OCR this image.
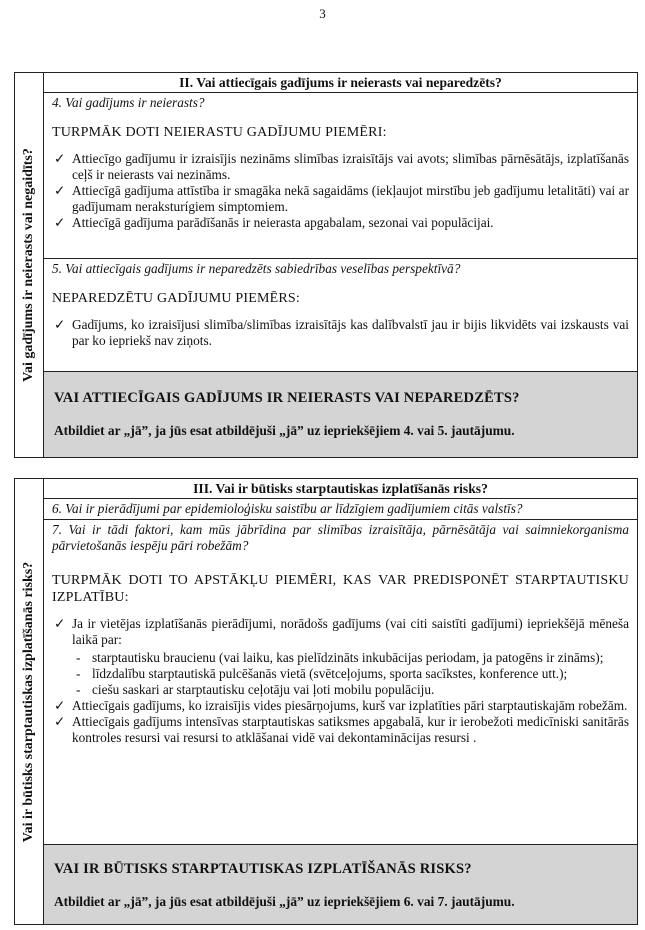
3
Vai gadījums ir neierasts vai negaidīts?
II. Vai attiecīgais gadījums ir neierasts vai neparedzēts?
4. Vai gadījums ir neierasts?
TURPMĀK DOTI NEIERASTU GADĪJUMU PIEMĒRI:
✓ Attiecīgo gadījumu ir izraisījis nezināms slimības izraisītājs vai avots; slimības pārnēsātājs, izplatīšanās ceļš ir neierasts vai nezināms.
✓ Attiecīgā gadījuma attīstība ir smagāka nekā sagaidāms (iekļaujot mirstību jeb gadījumu letalitāti) vai ar gadījumam neraksturígiem simptomiem.
✓ Attiecīgā gadījuma parādīšanās ir neierasta apgabalam, sezonai vai populācijai.
5. Vai attiecīgais gadījums ir neparedzēts sabiedrības veselības perspektīvā?
NEPAREDZĒTU GADĪJUMU PIEMĒRS:
✓ Gadījums, ko izraisījusi slimība/slimības izraisītājs kas dalībvalstī jau ir bijis likvidēts vai izskausts vai par ko iepriekš nav ziņots.
VAI ATTIECĪGAIS GADĪJUMS IR NEIERASTS VAI NEPAREDZĒTS?
Atbildiet ar „jā”, ja jūs esat atbildējuši „jā” uz iepriekšējiem 4. vai 5. jautājumu.
Vai ir būtisks starptautiskas izplatīšanās risks?
III. Vai ir būtisks starptautiskas izplatīšanās risks?
6. Vai ir pierādījumi par epidemioloģisku saistību ar līdzīgiem gadījumiem citās valstīs?
7. Vai ir tādi faktori, kam mūs jābrīdina par slimības izraisītāja, pārnēsātāja vai saimniekorganisma pārvietošanās iespēju pāri robežām?
TURPMĀK DOTI TO APSTĀKĻU PIEMĒRI, KAS VAR PREDISPONĒT STARPTAUTISKU IZPLATĪBU:
✓ Ja ir vietējas izplatīšanās pierādījumi, norādošs gadījums (vai citi saistīti gadījumi) iepriekšējā mēneša laikā par:
- starptautisku braucienu (vai laiku, kas pielīdzināts inkubācijas periodam, ja patogēns ir zināms);
- līdzdalību starptautiskā pulcēšanās vietā (svētceļojums, sporta sacīkstes, konference utt.);
- ciešu saskari ar starptautisku ceļotāju vai ļoti mobilu populāciju.
✓ Attiecīgais gadījums, ko izraisījis vides piesārņojums, kurš var izplatīties pāri starptautiskajām robežām.
✓ Attiecīgais gadījums intensīvas starptautiskas satiksmes apgabalā, kur ir ierobežoti medicīniski sanitārās kontroles resursi vai resursi to atklāšanai vidē vai dekontaminācijas resursi .
VAI IR BŪTISKS STARPTAUTISKAS IZPLATĪŠANĀS RISKS?
Atbildiet ar „jā”, ja jūs esat atbildējuši „jā” uz iepriekšējiem 6. vai 7. jautājumu.
